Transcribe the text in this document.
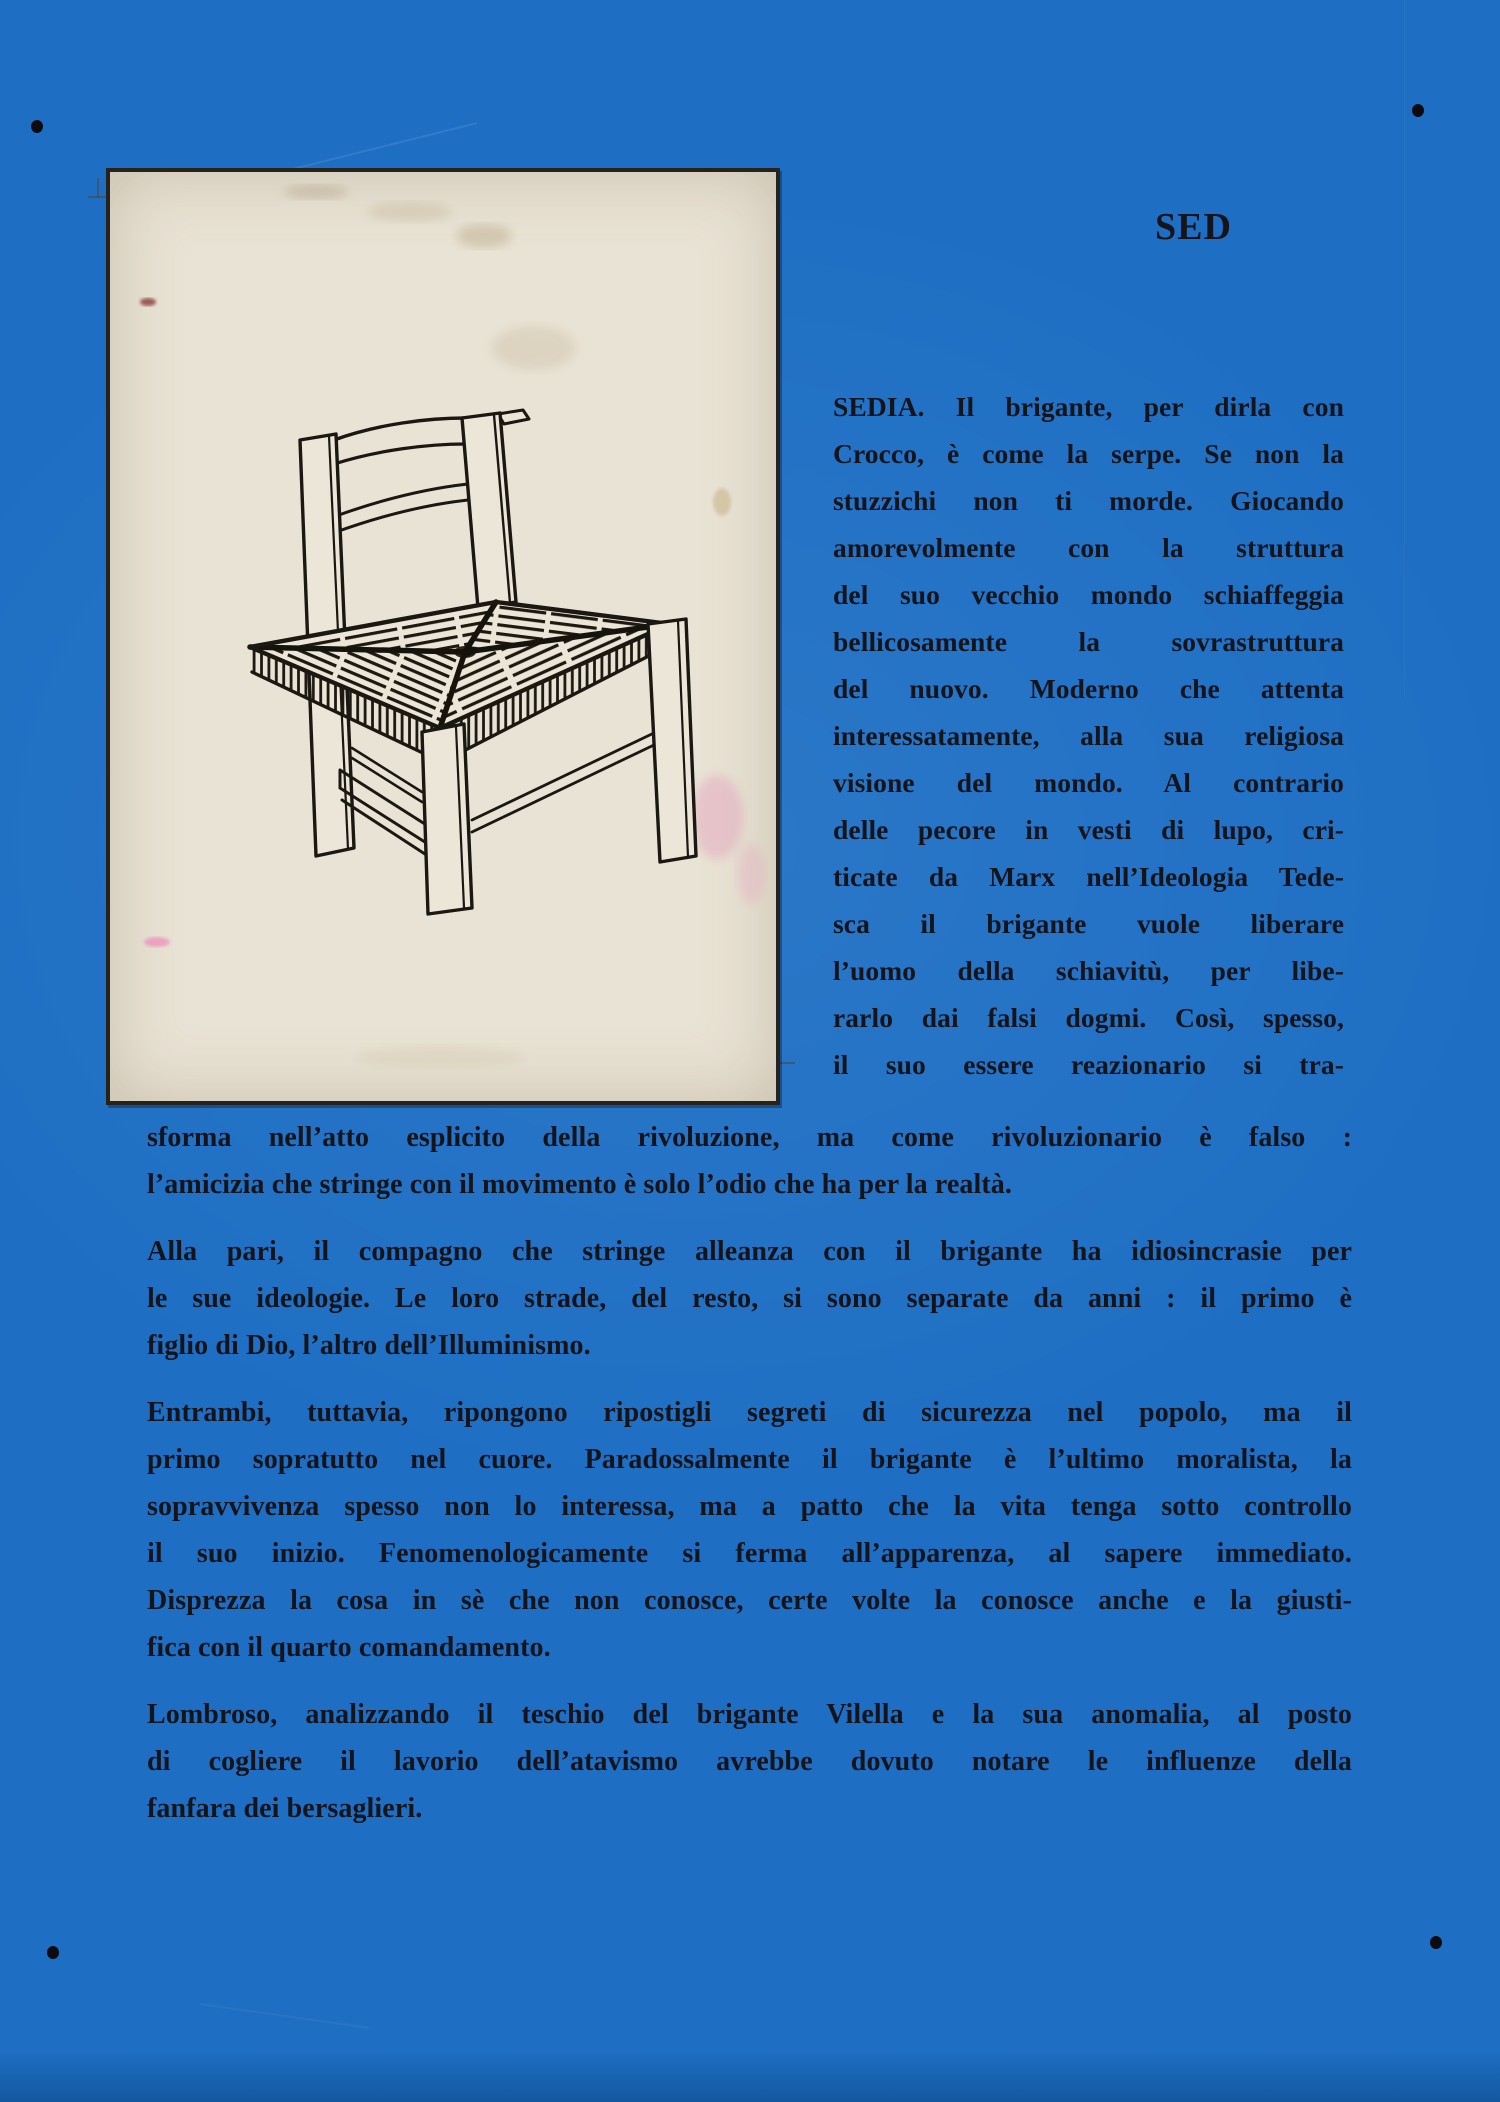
SED
SEDIA. Il brigante, per dirla con
Crocco, è come la serpe. Se non la
stuzzichi non ti morde. Giocando
amorevolmente con la struttura
del suo vecchio mondo schiaffeggia
bellicosamente la sovrastruttura
del nuovo. Moderno che attenta
interessatamente, alla sua religiosa
visione del mondo. Al contrario
delle pecore in vesti di lupo, cri-
ticate da Marx nell’Ideologia Tede-
sca il brigante vuole liberare
l’uomo della schiavitù, per libe-
rarlo dai falsi dogmi. Così, spesso,
il suo essere reazionario si tra-
sforma nell’atto esplicito della rivoluzione, ma come rivoluzionario è falso :
l’amicizia che stringe con il movimento è solo l’odio che ha per la realtà.
Alla pari, il compagno che stringe alleanza con il brigante ha idiosincrasie per
le sue ideologie. Le loro strade, del resto, si sono separate da anni : il primo è
figlio di Dio, l’altro dell’Illuminismo.
Entrambi, tuttavia, ripongono ripostigli segreti di sicurezza nel popolo, ma il
primo sopratutto nel cuore. Paradossalmente il brigante è l’ultimo moralista, la
sopravvivenza spesso non lo interessa, ma a patto che la vita tenga sotto controllo
il suo inizio. Fenomenologicamente si ferma all’apparenza, al sapere immediato.
Disprezza la cosa in sè che non conosce, certe volte la conosce anche e la giusti-
fica con il quarto comandamento.
Lombroso, analizzando il teschio del brigante Vilella e la sua anomalia, al posto
di cogliere il lavorio dell’atavismo avrebbe dovuto notare le influenze della
fanfara dei bersaglieri.
